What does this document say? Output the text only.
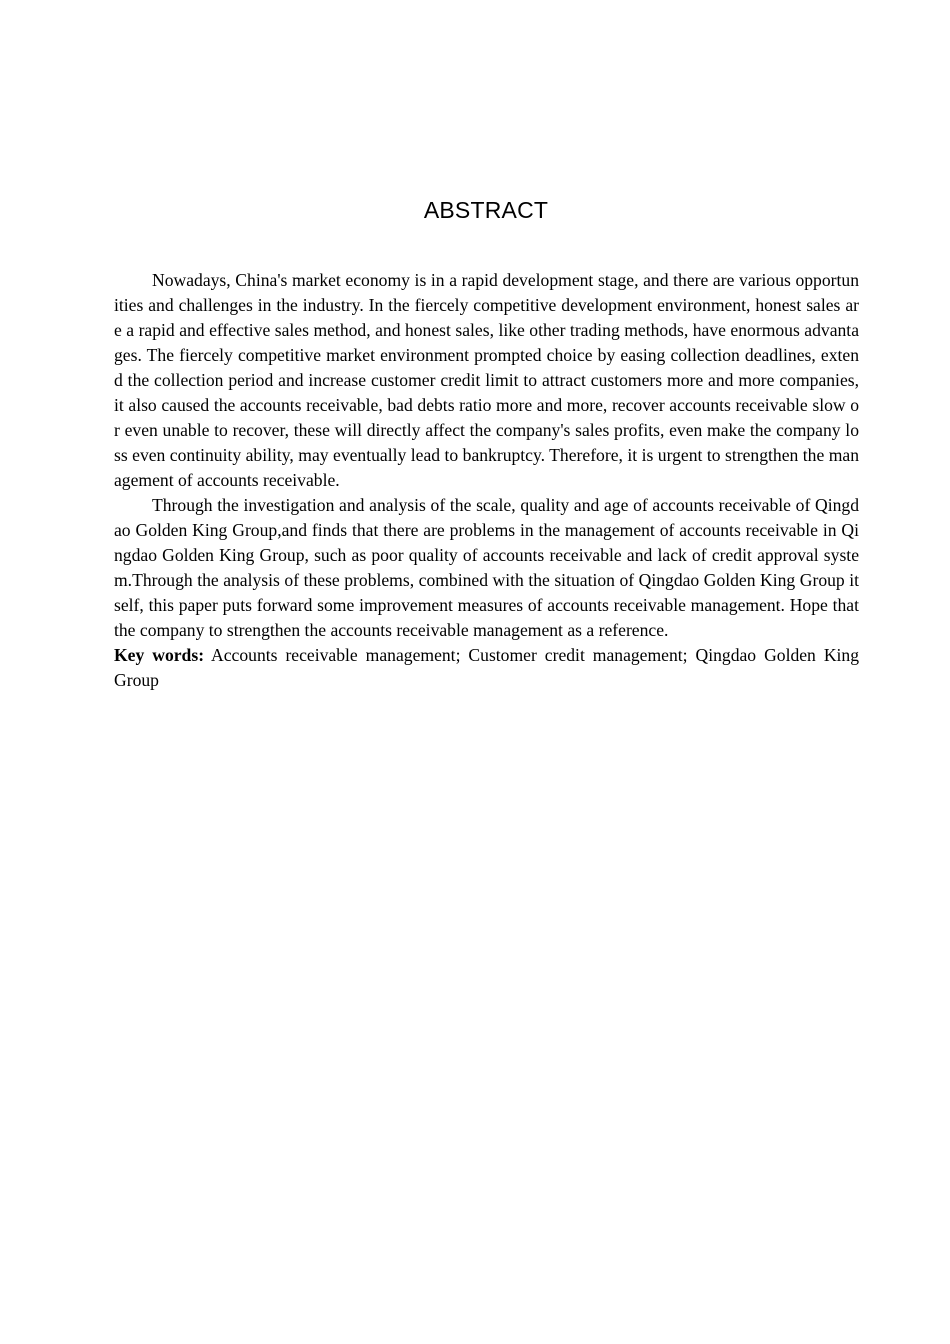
ABSTRACT

Nowadays, China's market economy is in a rapid development stage, and there are various opportunities and challenges in the industry. In the fiercely competitive development environment, honest sales are a rapid and effective sales method, and honest sales, like other trading methods, have enormous advantages. The fiercely competitive market environment prompted choice by easing collection deadlines, extend the collection period and increase customer credit limit to attract customers more and more companies, it also caused the accounts receivable, bad debts ratio more and more, recover accounts receivable slow or even unable to recover, these will directly affect the company's sales profits, even make the company loss even continuity ability, may eventually lead to bankruptcy. Therefore, it is urgent to strengthen the management of accounts receivable.

Through the investigation and analysis of the scale, quality and age of accounts receivable of Qingdao Golden King Group,and finds that there are problems in the management of accounts receivable in Qingdao Golden King Group, such as poor quality of accounts receivable and lack of credit approval system.Through the analysis of these problems, combined with the situation of Qingdao Golden King Group itself, this paper puts forward some improvement measures of accounts receivable management. Hope that the company to strengthen the accounts receivable management as a reference.

Key words: Accounts receivable management; Customer credit management; Qingdao Golden King Group
